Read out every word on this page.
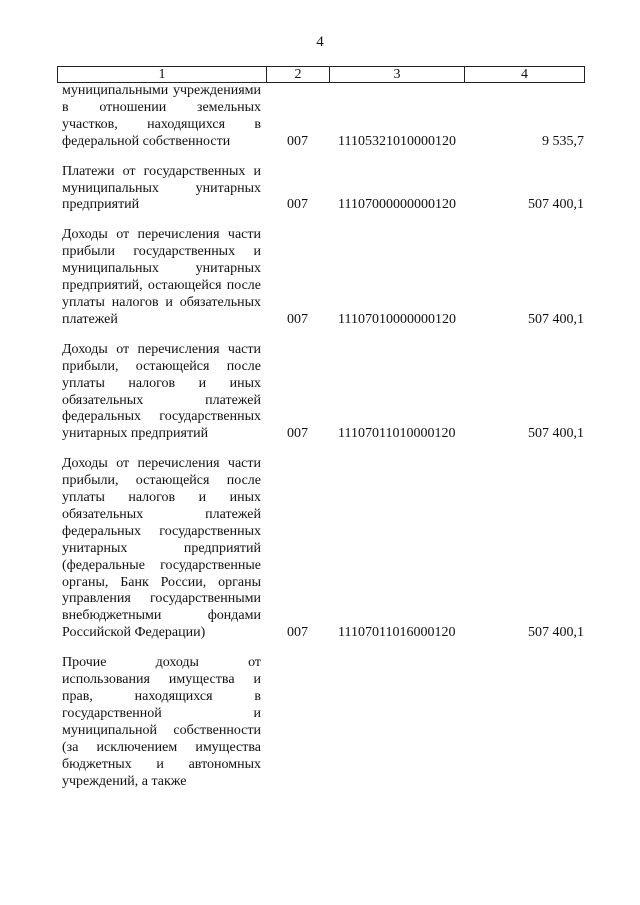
4
1	2	3	4
муниципальными учреждениями в отношении земельных участков, находящихся в федеральной собственности	007 11105321010000120	9 535,7
Платежи от государственных и муниципальных унитарных предприятий	007 11107000000000120	507 400,1
Доходы от перечисления части прибыли государственных и муниципальных унитарных предприятий, остающейся после уплаты налогов и обязательных платежей	007 11107010000000120	507 400,1
Доходы от перечисления части прибыли, остающейся после уплаты налогов и иных обязательных платежей федеральных государственных унитарных предприятий	007 11107011010000120	507 400,1
Доходы от перечисления части прибыли, остающейся после уплаты налогов и иных обязательных платежей федеральных государственных унитарных предприятий (федеральные государственные органы, Банк России, органы управления государственными внебюджетными фондами Российской Федерации)	007 11107011016000120	507 400,1
Прочие доходы от использования имущества и прав, находящихся в государственной и муниципальной собственности (за исключением имущества бюджетных и автономных учреждений, а также
